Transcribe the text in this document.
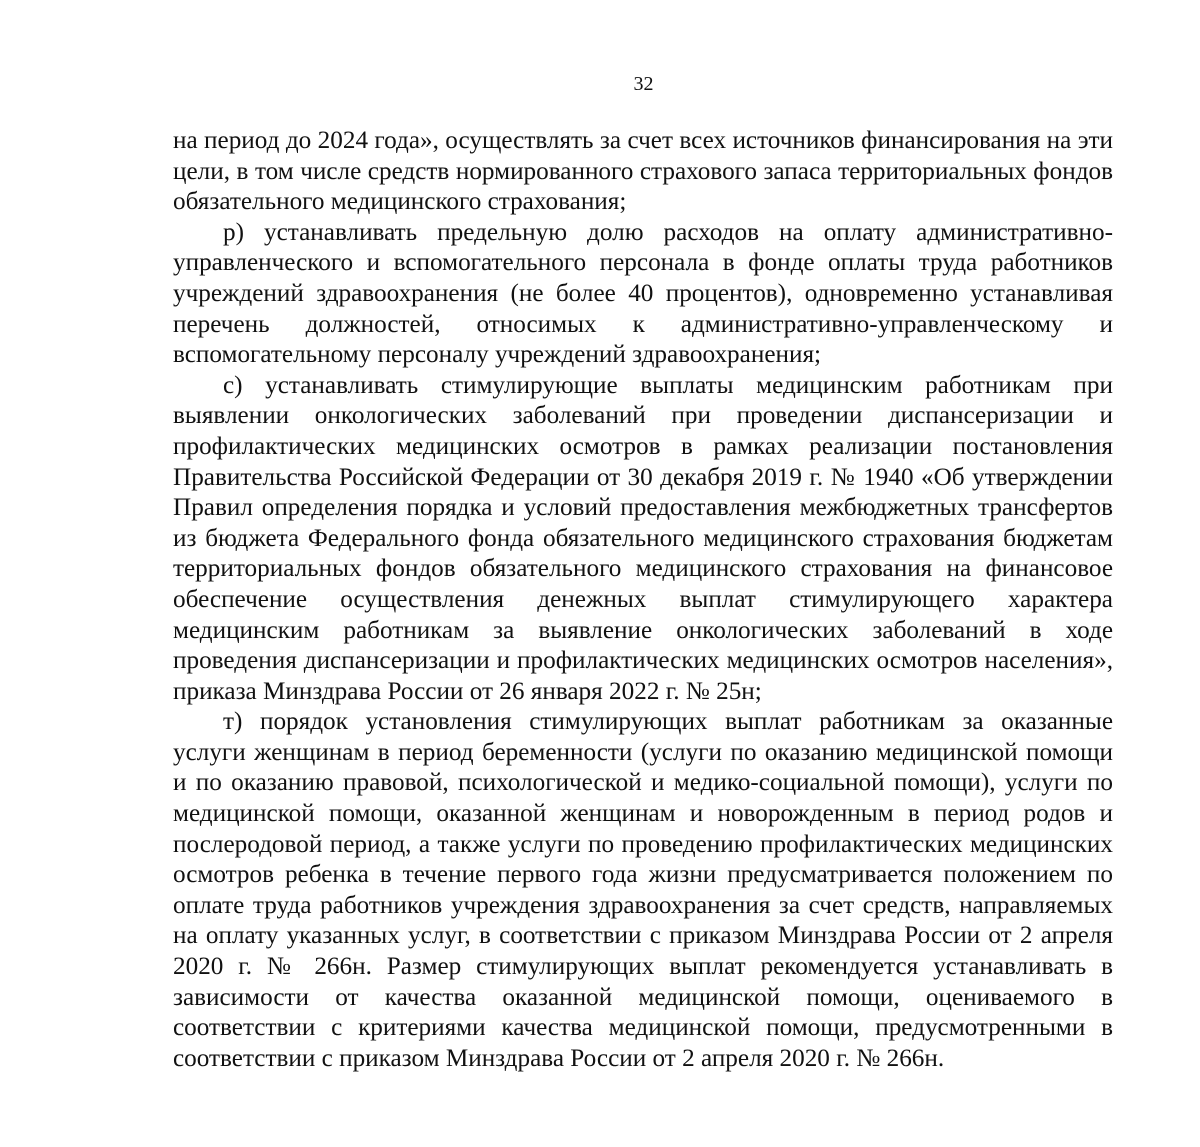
32

на период до 2024 года», осуществлять за счет всех источников финансирования на эти цели, в том числе средств нормированного страхового запаса территориальных фондов обязательного медицинского страхования;

р) устанавливать предельную долю расходов на оплату административно-управленческого и вспомогательного персонала в фонде оплаты труда работников учреждений здравоохранения (не более 40 процентов), одновременно устанавливая перечень должностей, относимых к административно-управленческому и вспомогательному персоналу учреждений здравоохранения;

с) устанавливать стимулирующие выплаты медицинским работникам при выявлении онкологических заболеваний при проведении диспансеризации и профилактических медицинских осмотров в рамках реализации постановления Правительства Российской Федерации от 30 декабря 2019 г. № 1940 «Об утверждении Правил определения порядка и условий предоставления межбюджетных трансфертов из бюджета Федерального фонда обязательного медицинского страхования бюджетам территориальных фондов обязательного медицинского страхования на финансовое обеспечение осуществления денежных выплат стимулирующего характера медицинским работникам за выявление онкологических заболеваний в ходе проведения диспансеризации и профилактических медицинских осмотров населения», приказа Минздрава России от 26 января 2022 г. № 25н;

т) порядок установления стимулирующих выплат работникам за оказанные услуги женщинам в период беременности (услуги по оказанию медицинской помощи и по оказанию правовой, психологической и медико-социальной помощи), услуги по медицинской помощи, оказанной женщинам и новорожденным в период родов и послеродовой период, а также услуги по проведению профилактических медицинских осмотров ребенка в течение первого года жизни предусматривается положением по оплате труда работников учреждения здравоохранения за счет средств, направляемых на оплату указанных услуг, в соответствии с приказом Минздрава России от 2 апреля 2020 г. № 266н. Размер стимулирующих выплат рекомендуется устанавливать в зависимости от качества оказанной медицинской помощи, оцениваемого в соответствии с критериями качества медицинской помощи, предусмотренными в соответствии с приказом Минздрава России от 2 апреля 2020 г. № 266н.
